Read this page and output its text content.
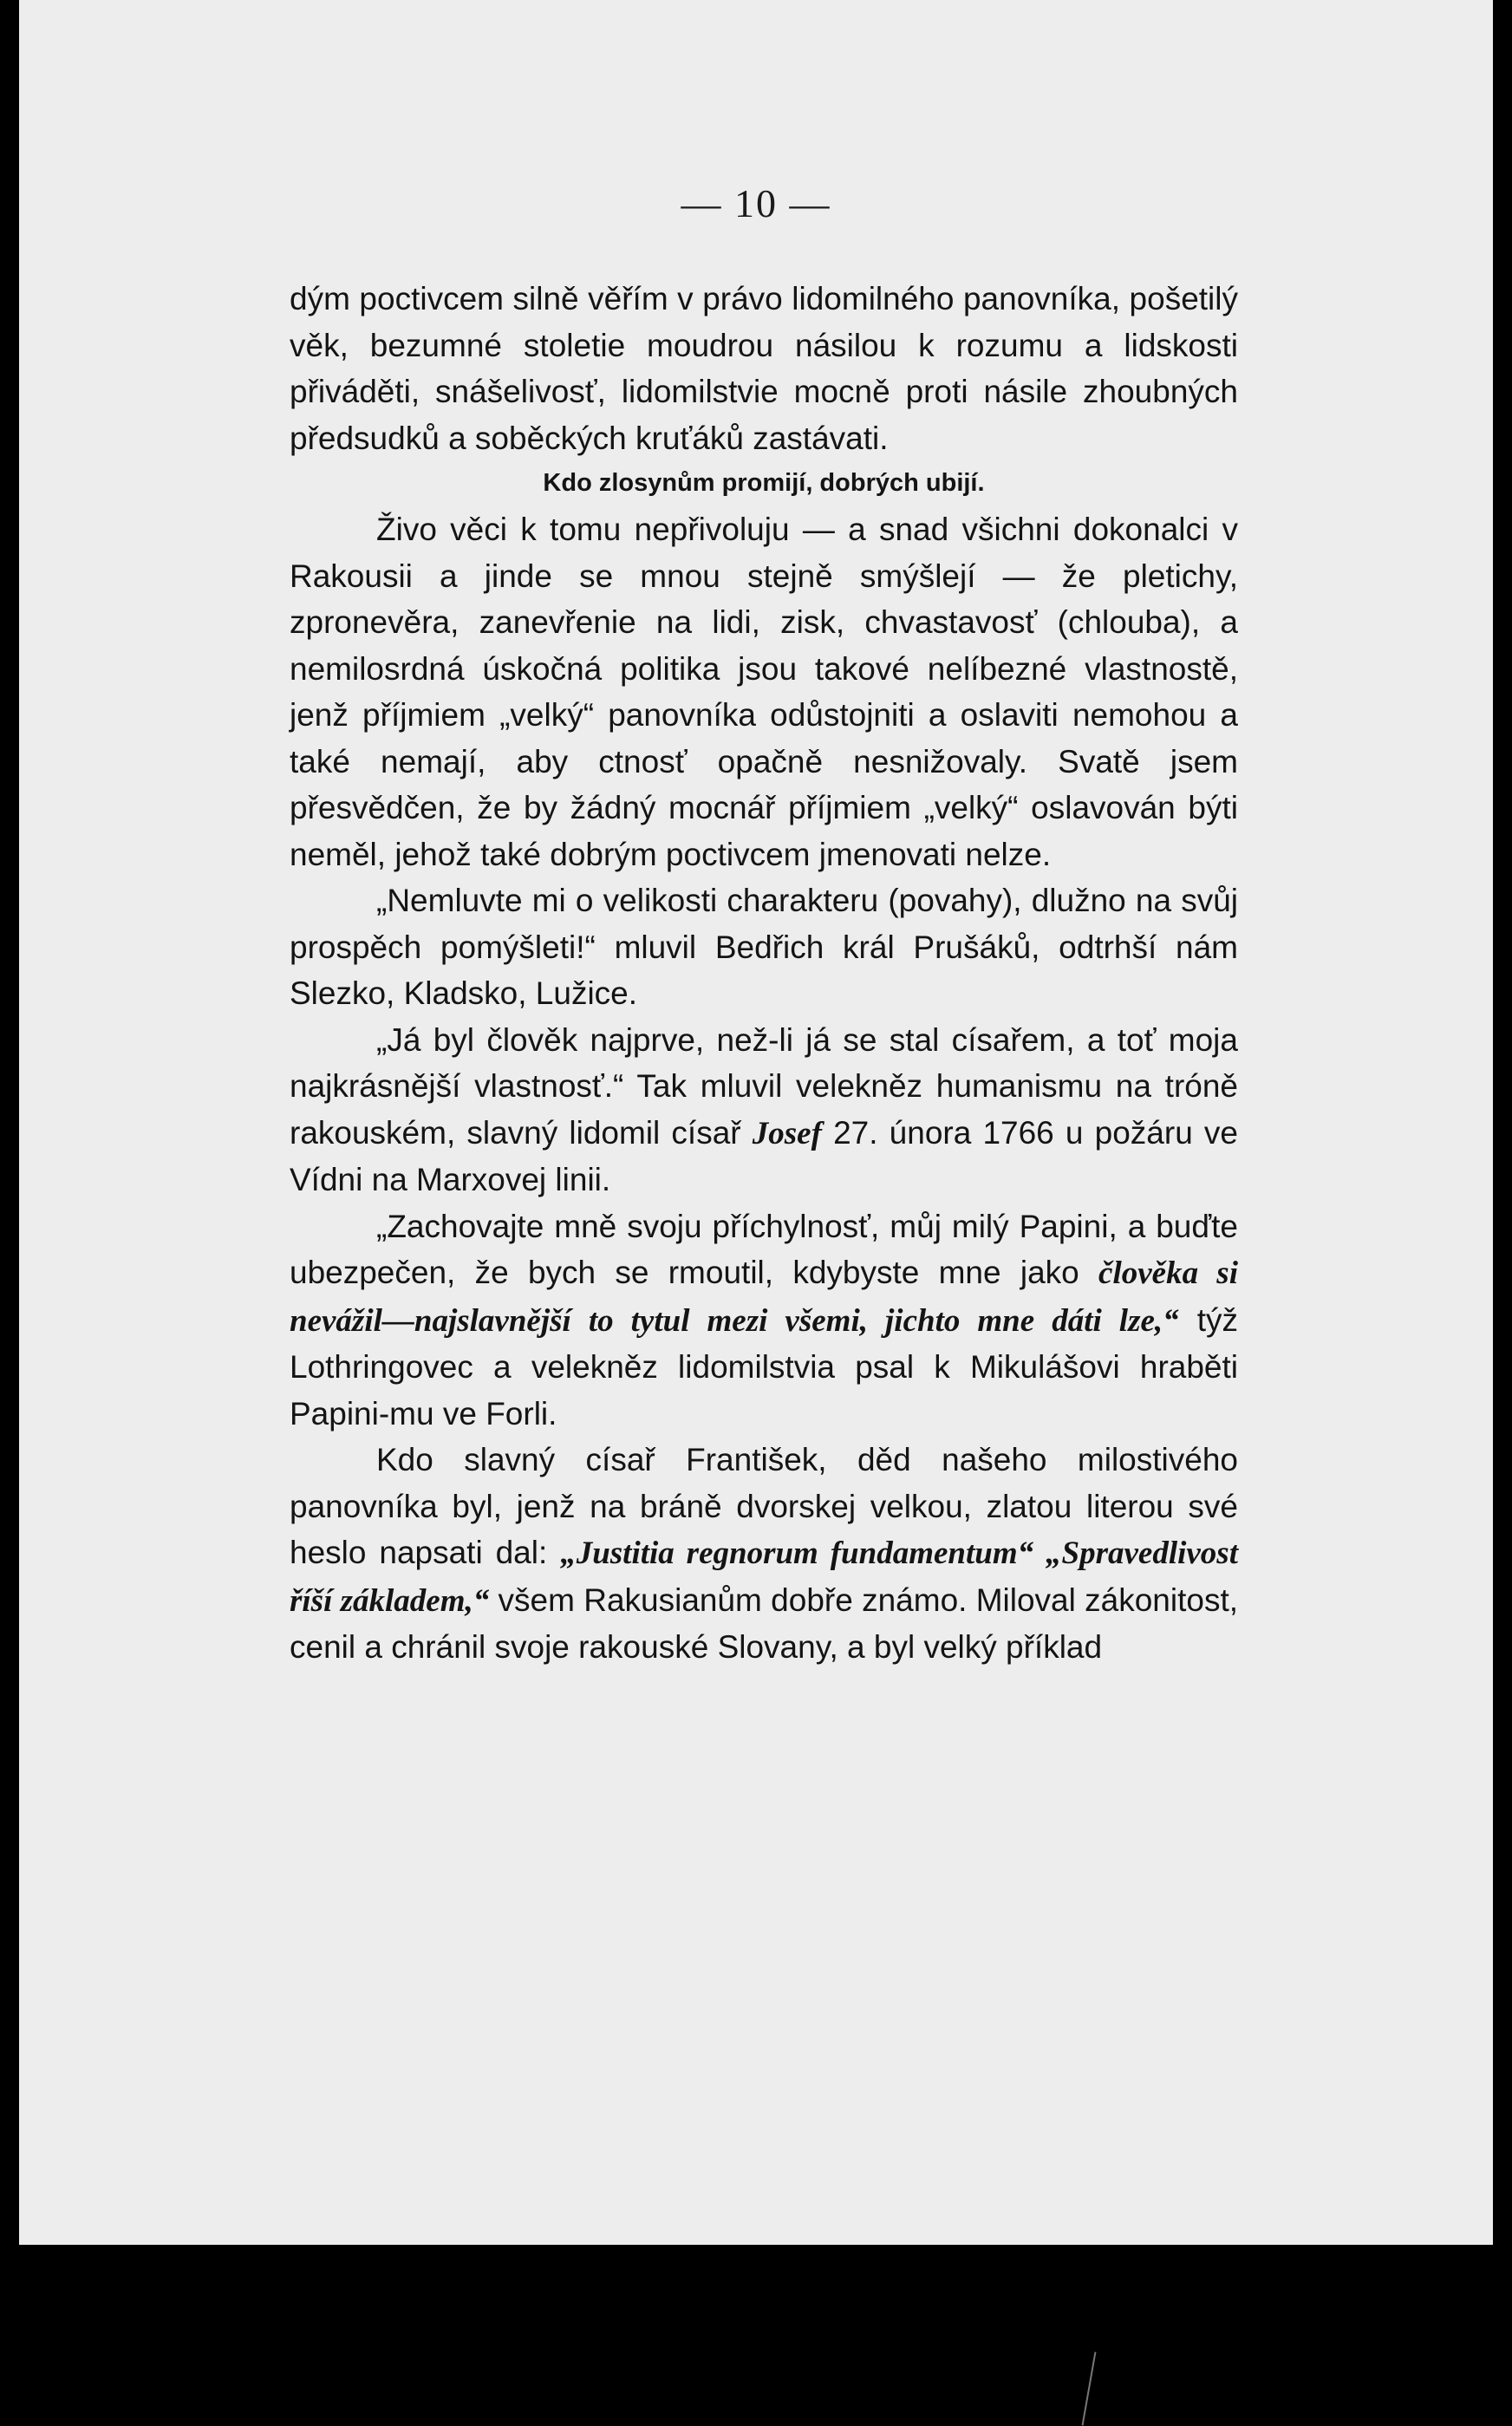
— 10 —

dým poctivcem silně věřím v právo lidomilného panovníka, pošetilý věk, bezumné stoletie moudrou násilou k rozumu a lidskosti přiváděti, snášelivosť, lidomilstvie mocně proti násile zhoubných předsudků a soběckých kruťáků zastávati.

Kdo zlosynům promijí, dobrých ubijí.

Živo věci k tomu nepřivoluju — a snad všichni dokonalci v Rakousii a jinde se mnou stejně smýšlejí — že pletichy, zpronevěra, zanevřenie na lidi, zisk, chvastavosť (chlouba), a nemilosrdná úskočná politika jsou takové nelíbezné vlastnostě, jenž příjmiem „velký“ panovníka odůstojniti a oslaviti nemohou a také nemají, aby ctnosť opačně nesnižovaly. Svatě jsem přesvědčen, že by žádný mocnář příjmiem „velký“ oslavován býti neměl, jehož také dobrým poctivcem jmenovati nelze.

„Nemluvte mi o velikosti charakteru (povahy), dlužno na svůj prospěch pomýšleti!“ mluvil Bedřich král Prušáků, odtrhší nám Slezko, Kladsko, Lužice.

„Já byl člověk najprve, než-li já se stal císařem, a toť moja najkrásnější vlastnosť.“ Tak mluvil velekněz humanismu na tróně rakouském, slavný lidomil císař Josef 27. února 1766 u požáru ve Vídni na Marxovej linii.

„Zachovajte mně svoju příchylnosť, můj milý Papini, a buďte ubezpečen, že bych se rmoutil, kdybyste mne jako člověka si nevážil—najslavnější to tytul mezi všemi, jichto mne dáti lze,“ týž Lothringovec a velekněz lidomilstvia psal k Mikulášovi hraběti Papini-mu ve Forli.

Kdo slavný císař František, děd našeho milostivého panovníka byl, jenž na bráně dvorskej velkou, zlatou literou své heslo napsati dal: „Justitia regnorum fundamentum“ „Spravedlivost říší základem,“ všem Rakusianům dobře známo. Miloval zákonitost, cenil a chránil svoje rakouské Slovany, a byl velký příklad
